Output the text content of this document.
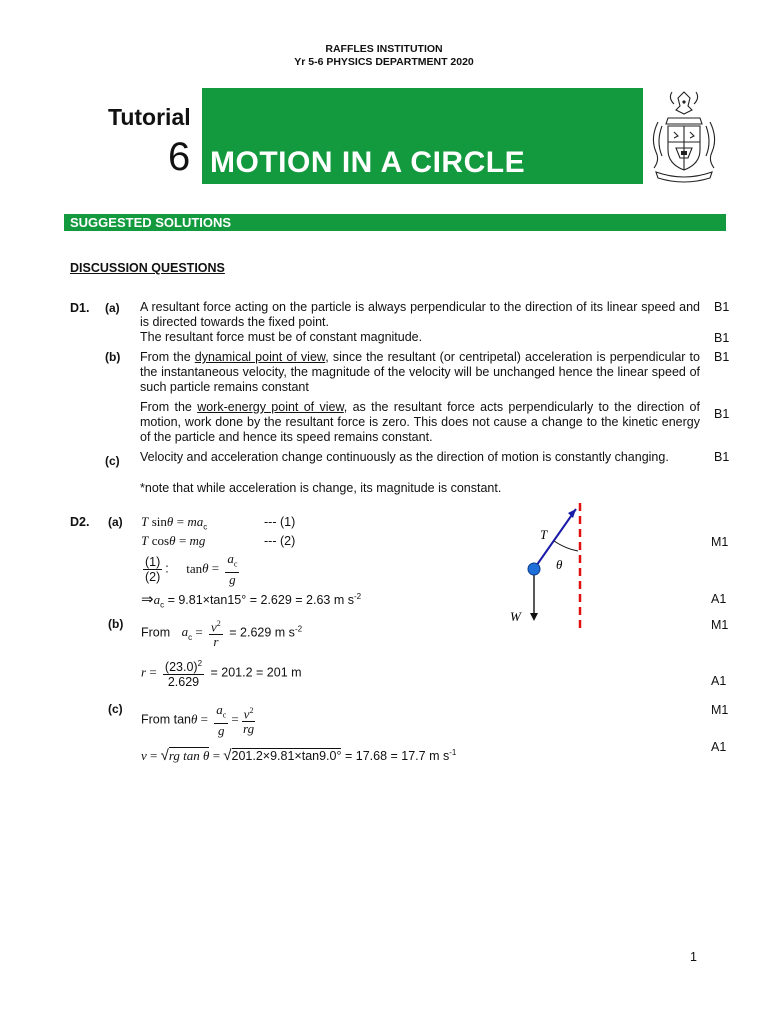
RAFFLES INSTITUTION
Yr 5-6 PHYSICS DEPARTMENT 2020
Tutorial
6 MOTION IN A CIRCLE
SUGGESTED SOLUTIONS
DISCUSSION QUESTIONS
D1. (a) A resultant force acting on the particle is always perpendicular to the direction of its linear speed and is directed towards the fixed point.
The resultant force must be of constant magnitude.
B1
B1
(b) From the dynamical point of view, since the resultant (or centripetal) acceleration is perpendicular to the instantaneous velocity, the magnitude of the velocity will be unchanged hence the linear speed of such particle remains constant
B1
From the work-energy point of view, as the resultant force acts perpendicularly to the direction of motion, work done by the resultant force is zero. This does not cause a change to the kinetic energy of the particle and hence its speed remains constant.
B1
(c) Velocity and acceleration change continuously as the direction of motion is constantly changing.
*note that while acceleration is change, its magnitude is constant.
B1
D2. (a) T $\sin\theta = ma_c$	--- (1)
T cosθ = mg	--- (2)
$\frac{(1)}{(2)}$ : $\tan\theta = \frac{a_c}{g}$
$\Rightarrow a_c = 9.81\times\tan 15^\circ = 2.629 = 2.63$ m $s^{-2}$
(b)
From $a_c = \frac{v^2}{r} = 2.629$ m $s^{-2}$
$r = \frac{(23.0)^2}{2.629} = 201.2 = 201$ m
(c)
From $\tan\theta = \frac{a_c}{g} = \frac{v^2}{rg}$
v = √rg tan θ = √201.2×9.81×tan9.0° = 17.68 = 17.7 m $s^{-1}$
M1
A1
M1
A1
M1
A1
T
θ
W
1
